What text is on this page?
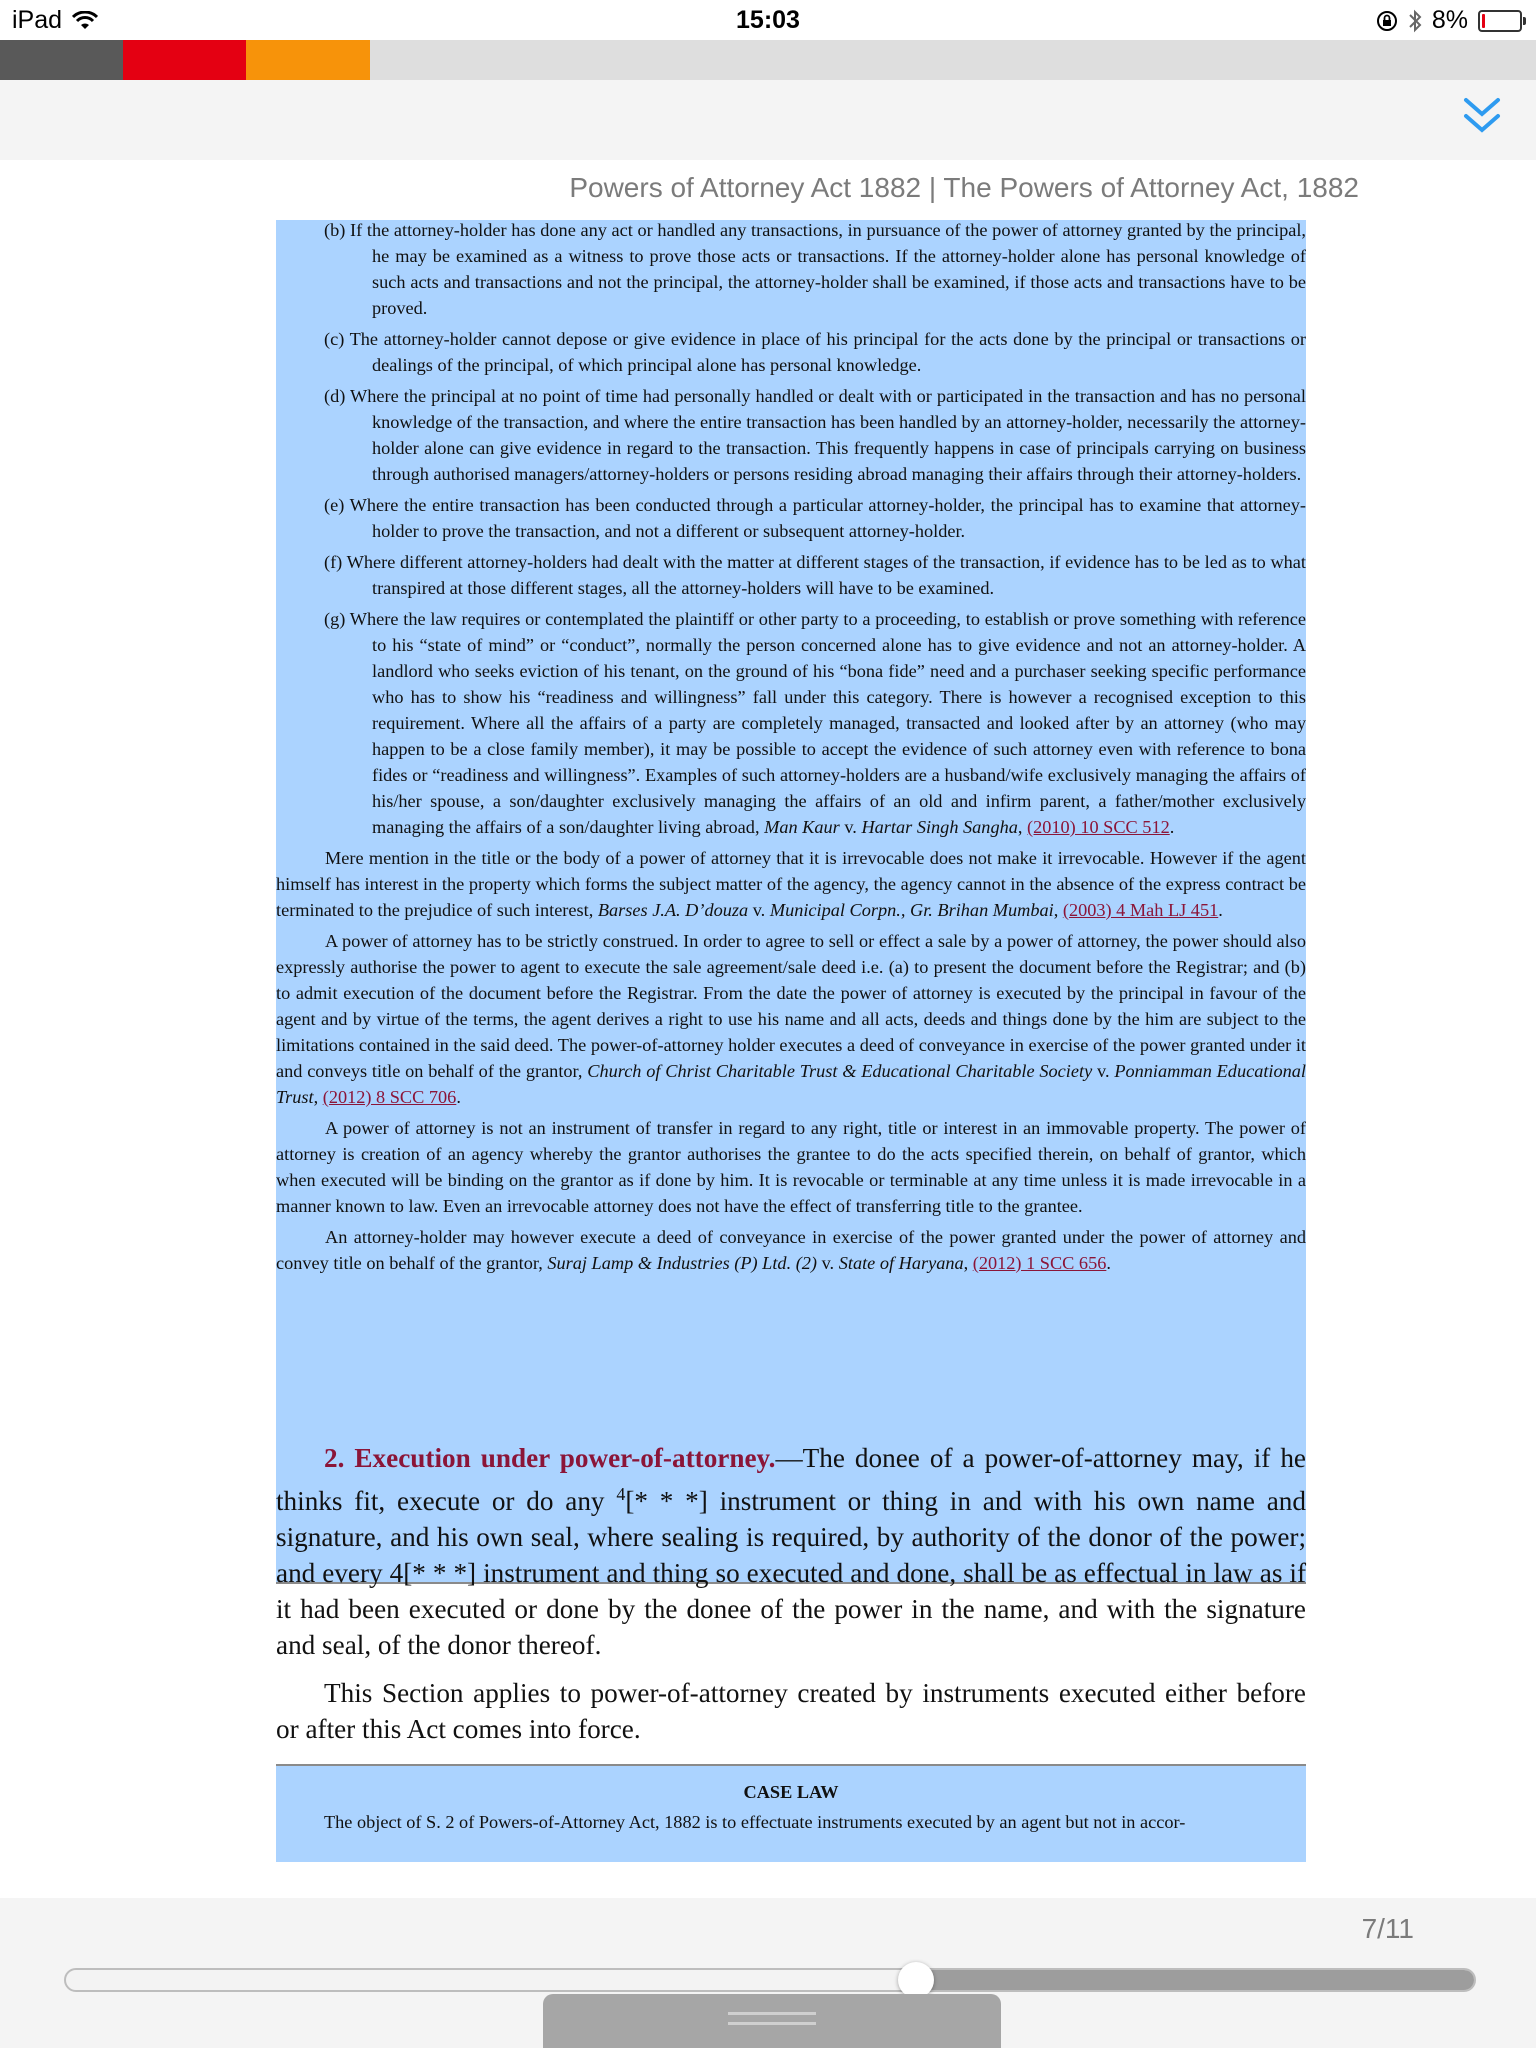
iPad	15:03	8%
Powers of Attorney Act 1882 | The Powers of Attorney Act, 1882

(b) If the attorney-holder has done any act or handled any transactions, in pursuance of the power of attorney granted by the principal, he may be examined as a witness to prove those acts or transactions. If the attorney-holder alone has personal knowledge of such acts and transactions and not the principal, the attorney-holder shall be examined, if those acts and transactions have to be proved.

(c) The attorney-holder cannot depose or give evidence in place of his principal for the acts done by the principal or transactions or dealings of the principal, of which principal alone has personal knowledge.

(d) Where the principal at no point of time had personally handled or dealt with or participated in the transaction and has no personal knowledge of the transaction, and where the entire transaction has been handled by an attorney-holder, necessarily the attorney-holder alone can give evidence in regard to the transaction. This frequently happens in case of principals carrying on business through authorised managers/attorney-holders or persons residing abroad managing their affairs through their attorney-holders.

(e) Where the entire transaction has been conducted through a particular attorney-holder, the principal has to examine that attorney-holder to prove the transaction, and not a different or subsequent attorney-holder.

(f) Where different attorney-holders had dealt with the matter at different stages of the transaction, if evidence has to be led as to what transpired at those different stages, all the attorney-holders will have to be examined.

(g) Where the law requires or contemplated the plaintiff or other party to a proceeding, to establish or prove something with reference to his “state of mind” or “conduct”, normally the person concerned alone has to give evidence and not an attorney-holder. A landlord who seeks eviction of his tenant, on the ground of his “bona fide” need and a purchaser seeking specific performance who has to show his “readiness and willingness” fall under this category. There is however a recognised exception to this requirement. Where all the affairs of a party are completely managed, transacted and looked after by an attorney (who may happen to be a close family member), it may be possible to accept the evidence of such attorney even with reference to bona fides or “readiness and willingness”. Examples of such attorney-holders are a husband/wife exclusively managing the affairs of his/her spouse, a son/daughter exclusively managing the affairs of an old and infirm parent, a father/mother exclusively managing the affairs of a son/daughter living abroad, Man Kaur v. Hartar Singh Sangha, (2010) 10 SCC 512.

Mere mention in the title or the body of a power of attorney that it is irrevocable does not make it irrevocable. However if the agent himself has interest in the property which forms the subject matter of the agency, the agency cannot in the absence of the express contract be terminated to the prejudice of such interest, Barses J.A. D’douza v. Municipal Corpn., Gr. Brihan Mumbai, (2003) 4 Mah LJ 451.

A power of attorney has to be strictly construed. In order to agree to sell or effect a sale by a power of attorney, the power should also expressly authorise the power to agent to execute the sale agreement/sale deed i.e. (a) to present the document before the Registrar; and (b) to admit execution of the document before the Registrar. From the date the power of attorney is executed by the principal in favour of the agent and by virtue of the terms, the agent derives a right to use his name and all acts, deeds and things done by the him are subject to the limitations contained in the said deed. The power-of-attorney holder executes a deed of conveyance in exercise of the power granted under it and conveys title on behalf of the grantor, Church of Christ Charitable Trust & Educational Charitable Society v. Ponniamman Educational Trust, (2012) 8 SCC 706.

A power of attorney is not an instrument of transfer in regard to any right, title or interest in an immovable property. The power of attorney is creation of an agency whereby the grantor authorises the grantee to do the acts specified therein, on behalf of grantor, which when executed will be binding on the grantor as if done by him. It is revocable or terminable at any time unless it is made irrevocable in a manner known to law. Even an irrevocable attorney does not have the effect of transferring title to the grantee.

An attorney-holder may however execute a deed of conveyance in exercise of the power granted under the power of attorney and convey title on behalf of the grantor, Suraj Lamp & Industries (P) Ltd. (2) v. State of Haryana, (2012) 1 SCC 656.

2. Execution under power-of-attorney.—The donee of a power-of-attorney may, if he thinks fit, execute or do any $^4$[* * *] instrument or thing in and with his own name and signature, and his own seal, where sealing is required, by authority of the donor of the power; and every 4[* * *] instrument and thing so executed and done, shall be as effectual in law as if it had been executed or done by the donee of the power in the name, and with the signature and seal, of the donor thereof.

This Section applies to power-of-attorney created by instruments executed either before or after this Act comes into force.

CASE LAW
The object of S. 2 of Powers-of-Attorney Act, 1882 is to effectuate instruments executed by an agent but not in accor-
7/11
